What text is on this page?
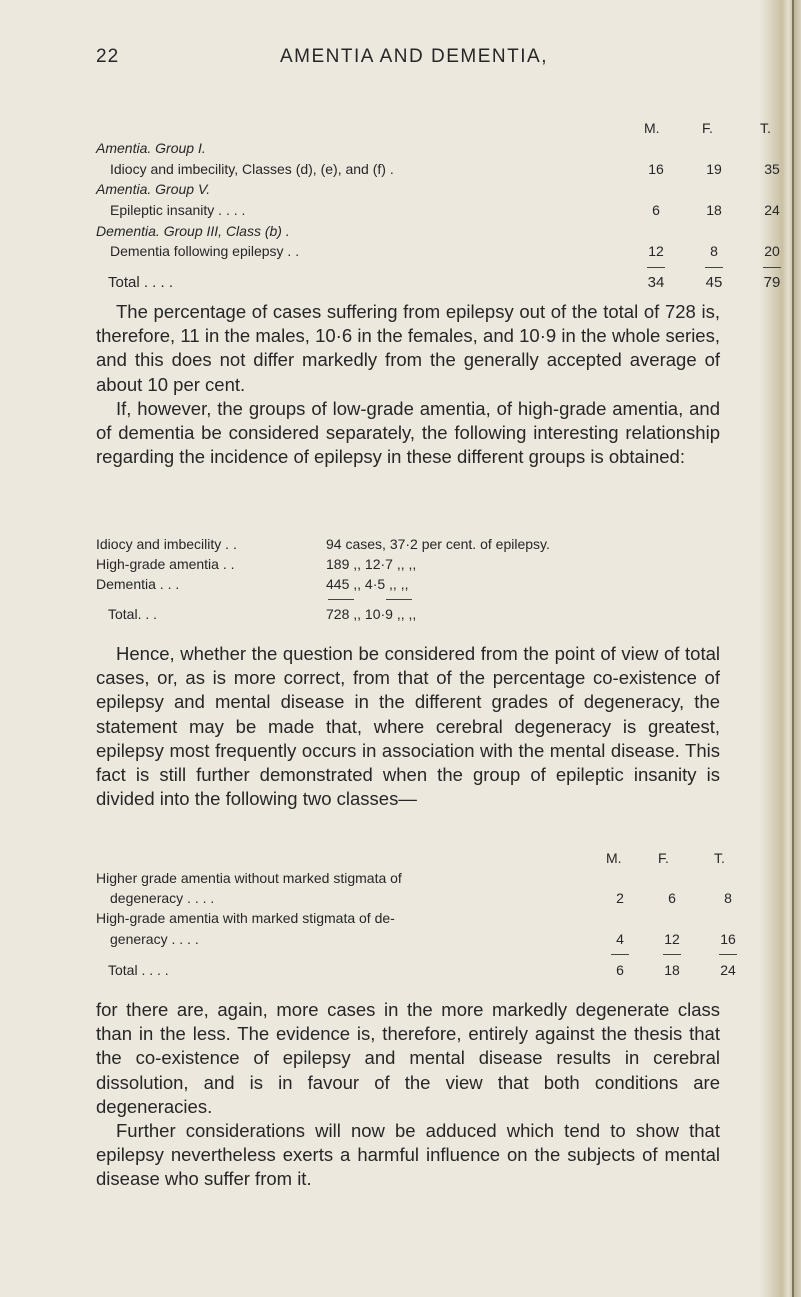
22	AMENTIA AND DEMENTIA,
M.	F.	T.
Amentia. Group I.
Idiocy and imbecility, Classes (d), (e), and (f) .	16	19	35
Amentia. Group V.
Epileptic insanity . . . .	6	18	24
Dementia. Group III, Class (b) .
Dementia following epilepsy . .	12	8	20
Total . . . .	34	45	79

The percentage of cases suffering from epilepsy out of the total of 728 is, therefore, 11 in the males, 10·6 in the females, and 10·9 in the whole series, and this does not differ markedly from the generally accepted average of about 10 per cent.

If, however, the groups of low-grade amentia, of high-grade amentia, and of dementia be considered separately, the following interesting relationship regarding the incidence of epilepsy in these different groups is obtained:

Idiocy and imbecility . .	94 cases, 37·2 per cent. of epilepsy.
High-grade amentia . .	189 ,, 12·7 ,, ,,
Dementia . . .	445 ,, 4·5 ,, ,,
Total. . .	728 ,, 10·9 ,, ,,

Hence, whether the question be considered from the point of view of total cases, or, as is more correct, from that of the percentage co-existence of epilepsy and mental disease in the different grades of degeneracy, the statement may be made that, where cerebral degeneracy is greatest, epilepsy most frequently occurs in association with the mental disease. This fact is still further demonstrated when the group of epileptic insanity is divided into the following two classes—

M.	F.	T.
Higher grade amentia without marked stigmata of
degeneracy . . . .	2	6	8
High-grade amentia with marked stigmata of de-
generacy . . . .	4	12	16
Total . . . .	6	18	24

for there are, again, more cases in the more markedly degenerate class than in the less. The evidence is, therefore, entirely against the thesis that the co-existence of epilepsy and mental disease results in cerebral dissolution, and is in favour of the view that both conditions are degeneracies.

Further considerations will now be adduced which tend to show that epilepsy nevertheless exerts a harmful influence on the subjects of mental disease who suffer from it.
